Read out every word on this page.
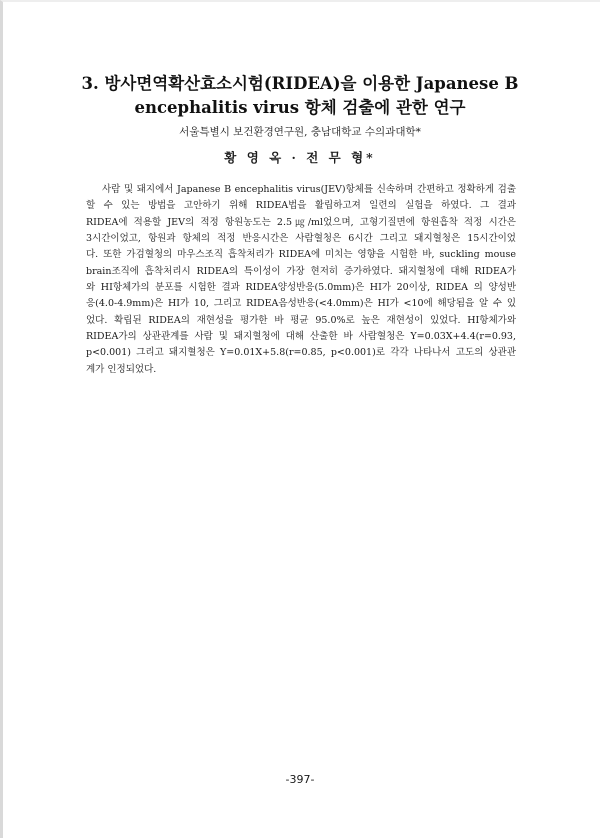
3. 방사면역확산효소시험(RIDEA)을 이용한 Japanese B
encephalitis virus 항체 검출에 관한 연구

서울특별시 보건환경연구원, 충남대학교 수의과대학*

황 영 옥 · 전 무 형*

사람 및 돼지에서 Japanese B encephalitis virus(JEV)항체를 신속하며 간편하고 정확하게 검출
할 수 있는 방법을 고안하기 위해 RIDEA법을 활립하고져 일련의 실험을 하였다. 그 결과
RIDEA에 적용할 JEV의 적정 항원농도는 2.5㎍/ml었으며, 고형기질면에 항원흡착 적정 시간은
3시간이었고, 항원과 항체의 적정 반응시간은 사람혈청은 6시간 그리고 돼지혈청은 15시간이었
다. 또한 가검혈청의 마우스조직 흡착처리가 RIDEA에 미치는 영향을 시험한 바, suckling mouse
brain조직에 흡착처리시 RIDEA의 특이성이 가장 현저히 증가하였다. 돼지혈청에 대해 RIDEA가
와 HI항체가의 분포를 시험한 결과 RIDEA양성반응(5.0mm)은 HI가 20이상, RIDEA 의 양성반
응(4.0-4.9mm)은 HI가 10, 그리고 RIDEA음성반응(<4.0mm)은 HI가 <10에 해당됨을 알 수 있
었다. 확립된 RIDEA의 재현성을 평가한 바 평균 95.0%로 높은 재현성이 있었다. HI항체가와
RIDEA가의 상관관계를 사람 및 돼지혈청에 대해 산출한 바 사람혈청은 Y=0.03X+4.4(r=0.93,
p<0.001) 그리고 돼지혈청은 Y=0.01X+5.8(r=0.85, p<0.001)로 각각 나타나서 고도의 상관관
계가 인정되었다.

-397-
